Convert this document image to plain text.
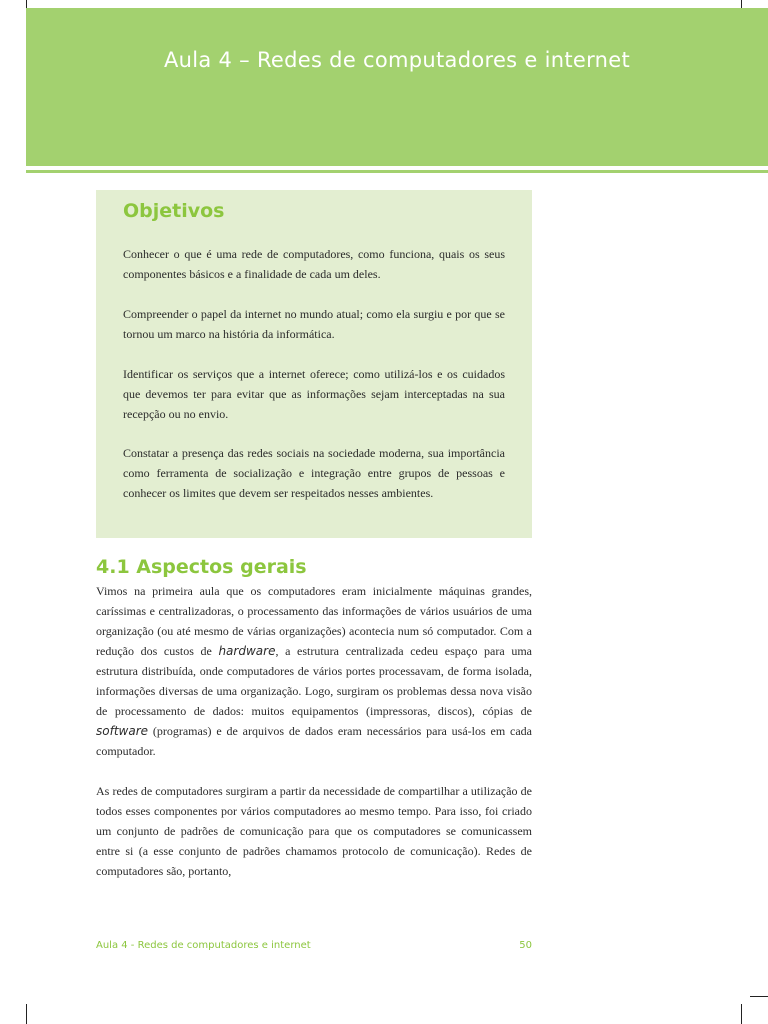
Aula 4 – Redes de computadores e internet
Objetivos
Conhecer o que é uma rede de computadores, como funciona, quais os seus componentes básicos e a finalidade de cada um deles.
Compreender o papel da internet no mundo atual; como ela surgiu e por que se tornou um marco na história da informática.
Identificar os serviços que a internet oferece; como utilizá-los e os cuidados que devemos ter para evitar que as informações sejam interceptadas na sua recepção ou no envio.
Constatar a presença das redes sociais na sociedade moderna, sua importância como ferramenta de socialização e integração entre grupos de pessoas e conhecer os limites que devem ser respeitados nesses ambientes.
4.1 Aspectos gerais
Vimos na primeira aula que os computadores eram inicialmente máquinas grandes, caríssimas e centralizadoras, o processamento das informações de vários usuários de uma organização (ou até mesmo de várias organizações) acontecia num só computador. Com a redução dos custos de hardware, a estrutura centralizada cedeu espaço para uma estrutura distribuída, onde computadores de vários portes processavam, de forma isolada, informações diversas de uma organização. Logo, surgiram os problemas dessa nova visão de processamento de dados: muitos equipamentos (impressoras, discos), cópias de software (programas) e de arquivos de dados eram necessários para usá-los em cada computador.
As redes de computadores surgiram a partir da necessidade de compartilhar a utilização de todos esses componentes por vários computadores ao mesmo tempo. Para isso, foi criado um conjunto de padrões de comunicação para que os computadores se comunicassem entre si (a esse conjunto de padrões chamamos protocolo de comunicação). Redes de computadores são, portanto,
Aula 4 - Redes de computadores e internet	50
